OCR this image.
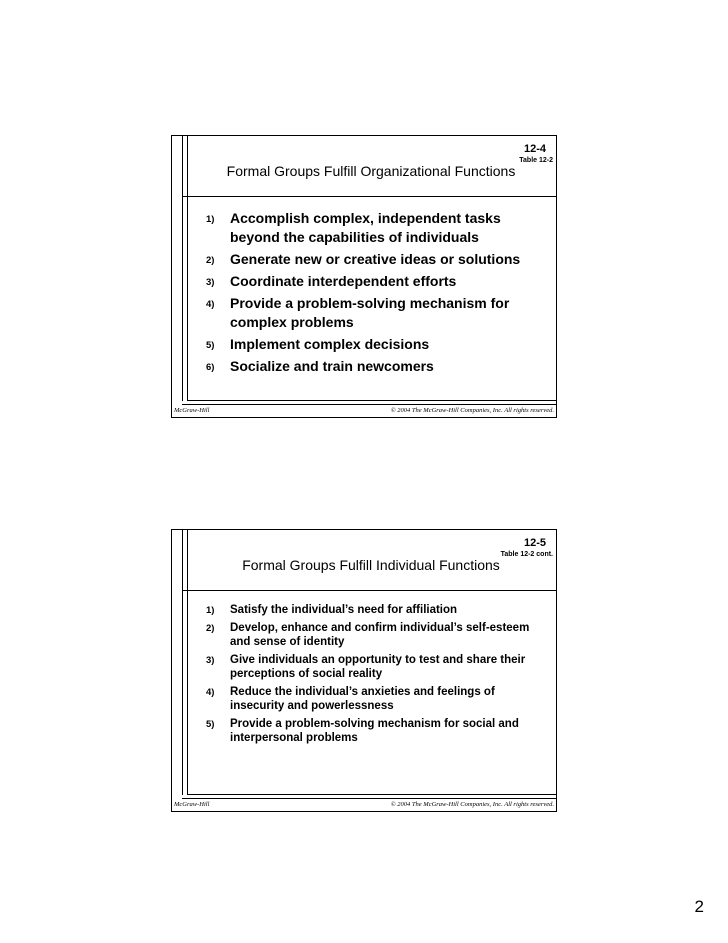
12-4
Table 12-2
Formal Groups Fulfill Organizational Functions
1)	Accomplish complex, independent tasks beyond the capabilities of individuals
2)	Generate new or creative ideas or solutions
3)	Coordinate interdependent efforts
4)	Provide a problem-solving mechanism for complex problems
5)	Implement complex decisions
6)	Socialize and train newcomers
McGraw-Hill	© 2004 The McGraw-Hill Companies, Inc. All rights reserved.
12-5
Table 12-2 cont.
Formal Groups Fulfill Individual Functions
1)	Satisfy the individual’s need for affiliation
2)	Develop, enhance and confirm individual’s self-esteem and sense of identity
3)	Give individuals an opportunity to test and share their perceptions of social reality
4)	Reduce the individual’s anxieties and feelings of insecurity and powerlessness
5)	Provide a problem-solving mechanism for social and interpersonal problems
McGraw-Hill	© 2004 The McGraw-Hill Companies, Inc. All rights reserved.
2
